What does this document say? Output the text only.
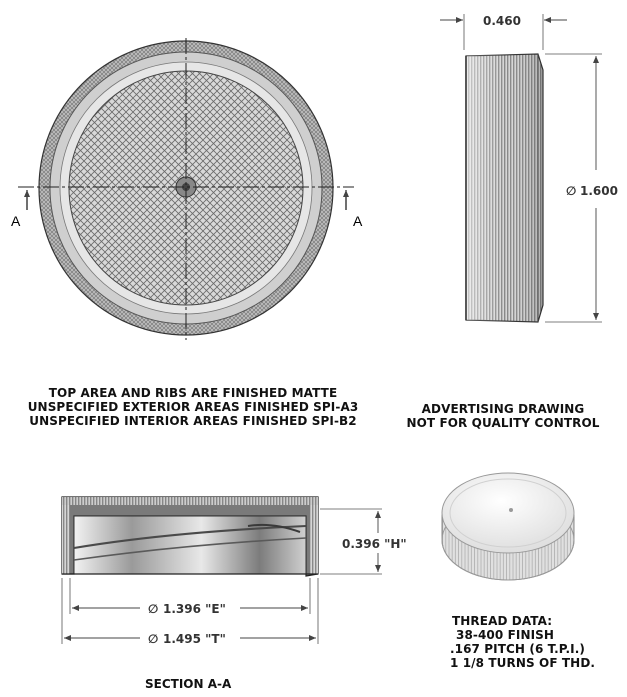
A	A
0.460
∅ 1.600
0.396 "H"
∅ 1.396 "E"
∅ 1.495 "T"
SECTION A-A
TOP AREA AND RIBS ARE FINISHED MATTE
UNSPECIFIED EXTERIOR AREAS FINISHED SPI-A3
UNSPECIFIED INTERIOR AREAS FINISHED SPI-B2
ADVERTISING DRAWING
NOT FOR QUALITY CONTROL
THREAD DATA:
38-400 FINISH
.167 PITCH (6 T.P.I.)
1 1/8 TURNS OF THD.
